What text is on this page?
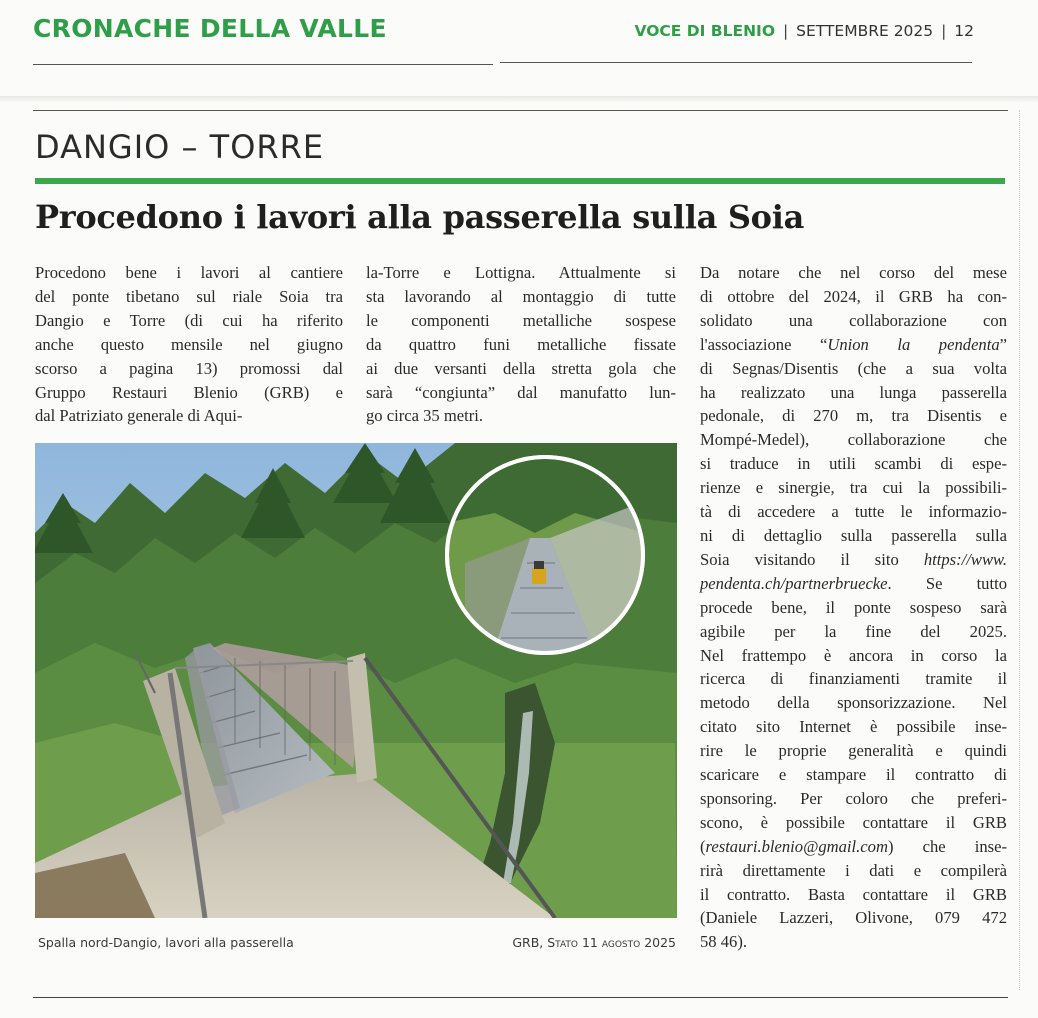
CRONACHE DELLA VALLE	VOCE DI BLENIO | SETTEMBRE 2025 | 12
DANGIO – TORRE
Procedono i lavori alla passerella sulla Soia
Procedono bene i lavori al cantiere
del ponte tibetano sul riale Soia tra
Dangio e Torre (di cui ha riferito
anche questo mensile nel giugno
scorso a pagina 13) promossi dal
Gruppo Restauri Blenio (GRB) e
dal Patriziato generale di Aqui-
la-Torre e Lottigna. Attualmente si
sta lavorando al montaggio di tutte
le componenti metalliche sospese
da quattro funi metalliche fissate
ai due versanti della stretta gola che
sarà “congiunta” dal manufatto lun-
go circa 35 metri.
Da notare che nel corso del mese
di ottobre del 2024, il GRB ha con-
solidato una collaborazione con
l'associazione “Union la pendenta”
di Segnas/Disentis (che a sua volta
ha realizzato una lunga passerella
pedonale, di 270 m, tra Disentis e
Mompé-Medel), collaborazione che
si traduce in utili scambi di espe-
rienze e sinergie, tra cui la possibili-
tà di accedere a tutte le informazio-
ni di dettaglio sulla passerella sulla
Soia visitando il sito https://www.
pendenta.ch/partnerbruecke. Se tutto
procede bene, il ponte sospeso sarà
agibile per la fine del 2025.
Nel frattempo è ancora in corso la
ricerca di finanziamenti tramite il
metodo della sponsorizzazione. Nel
citato sito Internet è possibile inse-
rire le proprie generalità e quindi
scaricare e stampare il contratto di
sponsoring. Per coloro che preferi-
scono, è possibile contattare il GRB
(restauri.blenio@gmail.com) che inse-
rirà direttamente i dati e compilerà
il contratto. Basta contattare il GRB
(Daniele Lazzeri, Olivone, 079 472
58 46).
Spalla nord-Dangio, lavori alla passerella	GRB, Stato 11 agosto 2025
